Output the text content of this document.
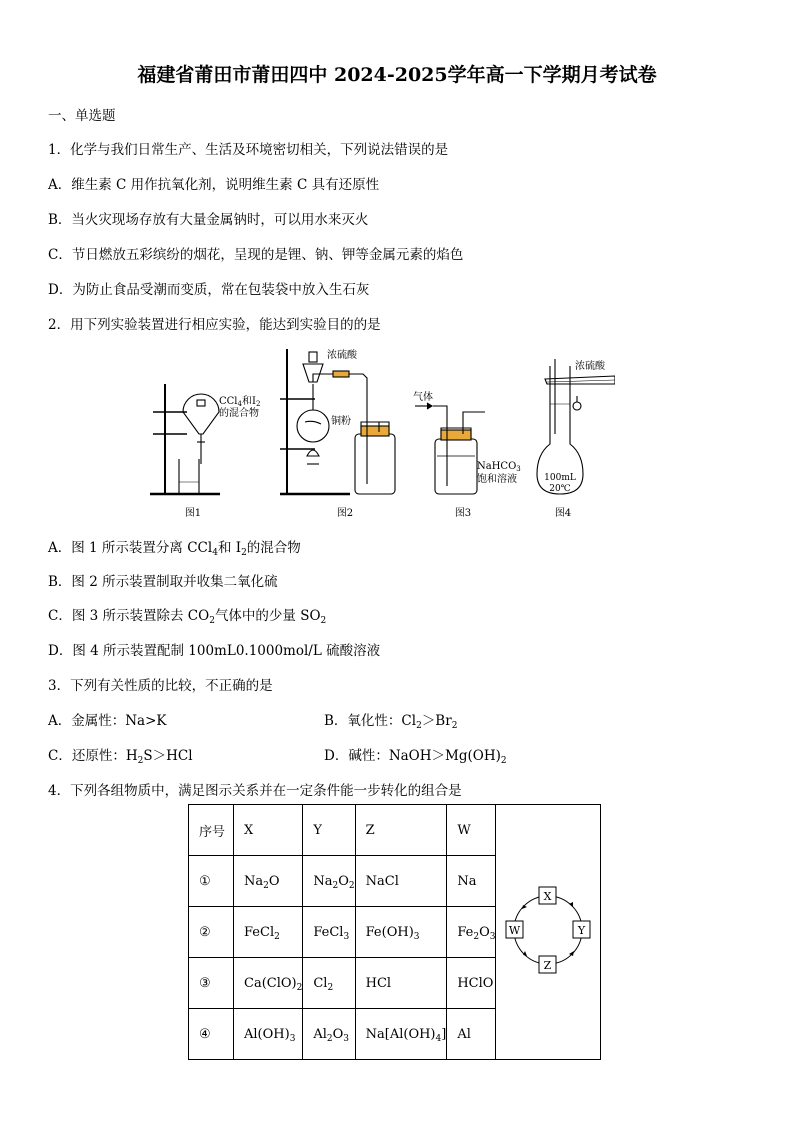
福建省莆田市莆田四中 2024-2025学年高一下学期月考试卷
一、单选题
1．化学与我们日常生产、生活及环境密切相关，下列说法错误的是
A．维生素 C 用作抗氧化剂，说明维生素 C 具有还原性
B．当火灾现场存放有大量金属钠时，可以用水来灭火
C．节日燃放五彩缤纷的烟花，呈现的是锂、钠、钾等金属元素的焰色
D．为防止食品受潮而变质，常在包装袋中放入生石灰
2．用下列实验装置进行相应实验，能达到实验目的的是
CCl$_4$和$I_2$
的混合物
浓硫酸
铜粉
气体
NaHCO$_3$
饱和溶液
浓硫酸
100mL
20℃
图1	图2	图3	图4
A．图 1 所示装置分离 CCl$_4$和 $I_2$的混合物
B．图 2 所示装置制取并收集二氧化硫
C．图 3 所示装置除去 $CO_2$气体中的少量 $SO_2$
D．图 4 所示装置配制 100mL0.1000mol/L 硫酸溶液
3．下列有关性质的比较，不正确的是
A．金属性：Na>K	B．氧化性：$Cl_2>Br_2$
C．还原性：$H_2S>HCl$	D．碱性：$NaOH>Mg(OH)_2$
4．下列各组物质中，满足图示关系并在一定条件能一步转化的组合是
序号	X	Y	Z	W	X
Y
Z
W

①	$Na_2O$	$Na_2O_2$	NaCl	Na	
②	FeCl$_2$	FeCl$_3$	$Fe(OH)_3$	$Fe_2O_3$
③	$Ca(ClO)_2$	$Cl_2$	HCl	HClO	
④	$Al(OH)_3$	$Al_2O_3$	$Na[Al(OH)_4]$	Al	
